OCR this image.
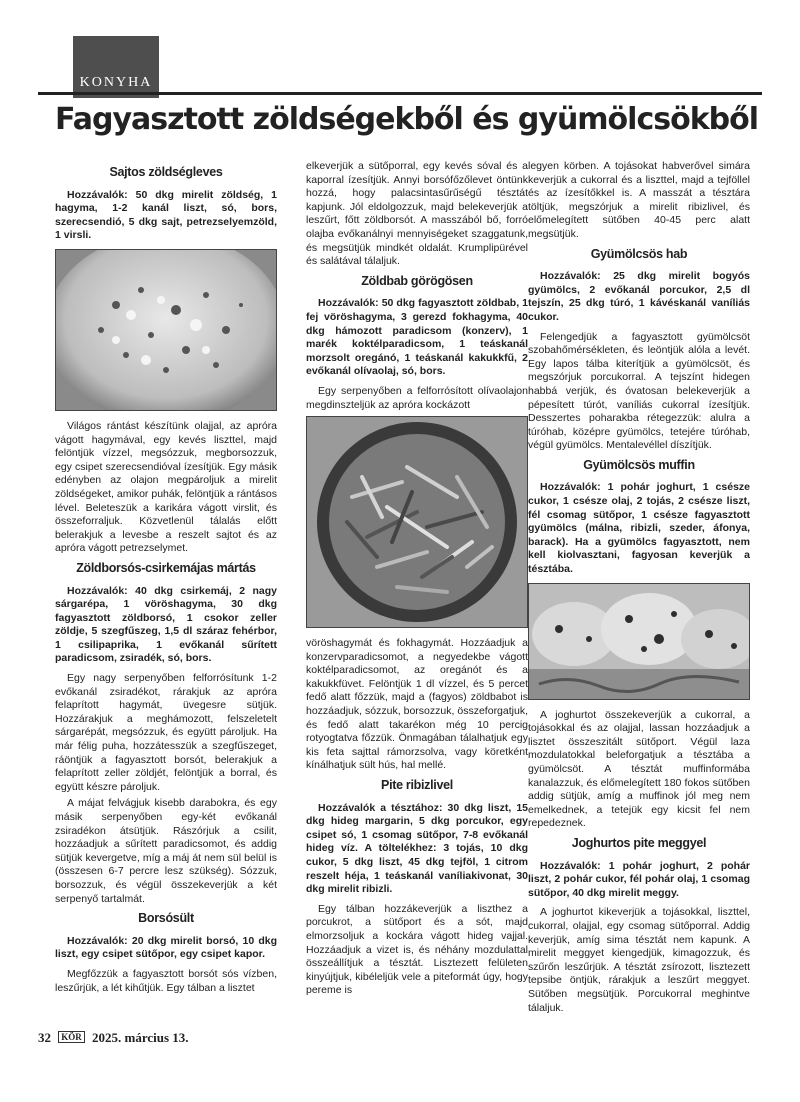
KONYHA
Fagyasztott zöldségekből és gyümölcsökből
Sajtos zöldségleves

Hozzávalók: 50 dkg mirelit zöldség, 1 hagyma, 1-2 kanál liszt, só, bors, szerecsendió, 5 dkg sajt, petrezselyemzöld, 1 virsli.

Világos rántást készítünk olajjal, az apróra vágott hagymával, egy kevés liszttel, majd felöntjük vízzel, megsózzuk, megborsozzuk, egy csipet szerecsendióval ízesítjük. Egy másik edényben az olajon megpároljuk a mirelit zöldségeket, amikor puhák, felöntjük a rántásos lével. Beleteszük a karikára vágott virslit, és összeforraljuk. Közvetlenül tálalás előtt belerakjuk a levesbe a reszelt sajtot és az apróra vágott petrezselymet.

Zöldborsós-csirkemájas mártás

Hozzávalók: 40 dkg csirkemáj, 2 nagy sárgarépa, 1 vöröshagyma, 30 dkg fagyasztott zöldborsó, 1 csokor zeller zöldje, 5 szegfűszeg, 1,5 dl száraz fehérbor, 1 csilipaprika, 1 evőkanál sűrített paradicsom, zsiradék, só, bors.

Egy nagy serpenyőben felforrósítunk 1-2 evőkanál zsiradékot, rárakjuk az apróra felaprított hagymát, üvegesre sütjük. Hozzárakjuk a meghámozott, felszeletelt sárgarépát, megsózzuk, és együtt pároljuk. Ha már félig puha, hozzátesszük a szegfűszeget, ráöntjük a fagyasztott borsót, belerakjuk a felaprított zeller zöldjét, felöntjük a borral, és együtt készre pároljuk.

A májat felvágjuk kisebb darabokra, és egy másik serpenyőben egy-két evőkanál zsiradékon átsütjük. Rászórjuk a csilit, hozzáadjuk a sűrített paradicsomot, és addig sütjük kevergetve, míg a máj át nem sül belül is (összesen 6-7 percre lesz szükség). Sózzuk, borsozzuk, és végül összekeverjük a két serpenyő tartalmát.

Borsósült

Hozzávalók: 20 dkg mirelit borsó, 10 dkg liszt, egy csipet sütőpor, egy csipet kapor.

Megfőzzük a fagyasztott borsót sós vízben, leszűrjük, a lét kihűtjük. Egy tálban a lisztet

elkeverjük a sütőporral, egy kevés sóval és a kaporral ízesítjük. Annyi borsófőzőlevet öntünk hozzá, hogy palacsintasűrűségű tésztát kapjunk. Jól eldolgozzuk, majd belekeverjük a leszűrt, főtt zöldborsót. A masszából bő, forró olajba evőkanálnyi mennyiségeket szaggatunk, és megsütjük mindkét oldalát. Krumplipürével és salátával tálaljuk.

Zöldbab görögösen

Hozzávalók: 50 dkg fagyasztott zöldbab, 1 fej vöröshagyma, 3 gerezd fokhagyma, 40 dkg hámozott paradicsom (konzerv), 1 marék koktélparadicsom, 1 teáskanál morzsolt oregánó, 1 teáskanál kakukkfű, 2 evőkanál olívaolaj, só, bors.

Egy serpenyőben a felforrósított olívaolajon megdinszteljük az apróra kockázott

vöröshagymát és fokhagymát. Hozzáadjuk a konzervparadicsomot, a negyedekbe vágott koktélparadicsomot, az oregánót és a kakukkfüvet. Felöntjük 1 dl vízzel, és 5 percet fedő alatt főzzük, majd a (fagyos) zöldbabot is hozzáadjuk, sózzuk, borsozzuk, összeforgatjuk, és fedő alatt takarékon még 10 percig rotyogtatva főzzük. Önmagában tálalhatjuk egy kis feta sajttal rámorzsolva, vagy köretként kínálhatjuk sült hús, hal mellé.

Pite ribizlivel

Hozzávalók a tésztához: 30 dkg liszt, 15 dkg hideg margarin, 5 dkg porcukor, egy csipet só, 1 csomag sütőpor, 7-8 evőkanál hideg víz. A töltelékhez: 3 tojás, 10 dkg cukor, 5 dkg liszt, 45 dkg tejföl, 1 citrom reszelt héja, 1 teáskanál vaníliakivonat, 30 dkg mirelit ribizli.

Egy tálban hozzákeverjük a liszthez a porcukrot, a sütőport és a sót, majd elmorzsoljuk a kockára vágott hideg vajjal. Hozzáadjuk a vizet is, és néhány mozdulattal összeállítjuk a tésztát. Lisztezett felületen kinyújtjuk, kibéleljük vele a piteformát úgy, hogy pereme is

legyen körben. A tojásokat habverővel simára keverjük a cukorral és a liszttel, majd a tejföllel és az ízesítőkkel is. A masszát a tésztára töltjük, megszórjuk a mirelit ribizlivel, és előmelegített sütőben 40-45 perc alatt megsütjük.

Gyümölcsös hab

Hozzávalók: 25 dkg mirelit bogyós gyümölcs, 2 evőkanál porcukor, 2,5 dl tejszín, 25 dkg túró, 1 kávéskanál vaníliás cukor.

Felengedjük a fagyasztott gyümölcsöt szobahőmérsékleten, és leöntjük alóla a levét. Egy lapos tálba kiterítjük a gyümölcsöt, és megszórjuk porcukorral. A tejszínt hidegen habbá verjük, és óvatosan belekeverjük a pépesített túrót, vaníliás cukorral ízesítjük. Desszertes poharakba rétegezzük: alulra a túróhab, középre gyümölcs, tetejére túróhab, végül gyümölcs. Mentalevéllel díszítjük.

Gyümölcsös muffin

Hozzávalók: 1 pohár joghurt, 1 csésze cukor, 1 csésze olaj, 2 tojás, 2 csésze liszt, fél csomag sütőpor, 1 csésze fagyasztott gyümölcs (málna, ribizli, szeder, áfonya, barack). Ha a gyümölcs fagyasztott, nem kell kiolvasztani, fagyosan keverjük a tésztába.

A joghurtot összekeverjük a cukorral, a tojásokkal és az olajjal, lassan hozzáadjuk a lisztet összeszitált sütőport. Végül laza mozdulatokkal beleforgatjuk a tésztába a gyümölcsöt. A tésztát muffinformába kanalazzuk, és előmelegített 180 fokos sütőben addig sütjük, amíg a muffinok jól meg nem emelkednek, a tetejük egy kicsit fel nem repedeznek.

Joghurtos pite meggyel

Hozzávalók: 1 pohár joghurt, 2 pohár liszt, 2 pohár cukor, fél pohár olaj, 1 csomag sütőpor, 40 dkg mirelit meggy.

A joghurtot kikeverjük a tojásokkal, liszttel, cukorral, olajjal, egy csomag sütőporral. Addig keverjük, amíg sima tésztát nem kapunk. A mirelit meggyet kiengedjük, kimagozzuk, és szűrőn leszűrjük. A tésztát zsírozott, lisztezett tepsibe öntjük, rárakjuk a leszűrt meggyet. Sütőben megsütjük. Porcukorral meghintve tálaljuk.

32 KÖR 2025. március 13.
